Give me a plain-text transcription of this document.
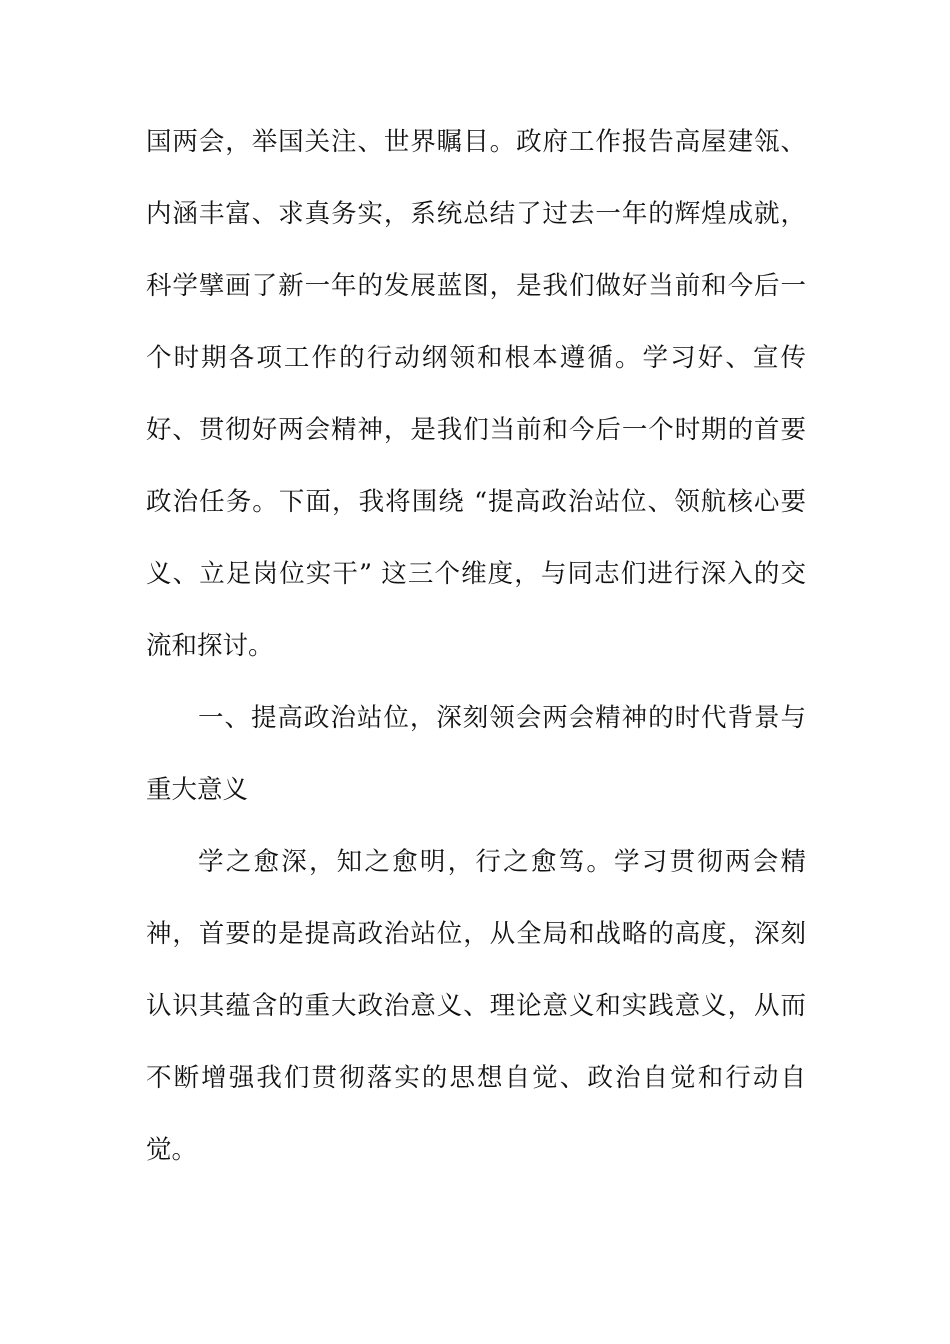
国两会，举国关注、世界瞩目。政府工作报告高屋建瓴、
内涵丰富、求真务实，系统总结了过去一年的辉煌成就，
科学擘画了新一年的发展蓝图，是我们做好当前和今后一
个时期各项工作的行动纲领和根本遵循。学习好、宣传
好、贯彻好两会精神，是我们当前和今后一个时期的首要
政治任务。下面，我将围绕 “提高政治站位、领航核心要
义、立足岗位实干” 这三个维度，与同志们进行深入的交
流和探讨。
一、提高政治站位，深刻领会两会精神的时代背景与
重大意义
学之愈深，知之愈明，行之愈笃。学习贯彻两会精
神，首要的是提高政治站位，从全局和战略的高度，深刻
认识其蕴含的重大政治意义、理论意义和实践意义，从而
不断增强我们贯彻落实的思想自觉、政治自觉和行动自
觉。
